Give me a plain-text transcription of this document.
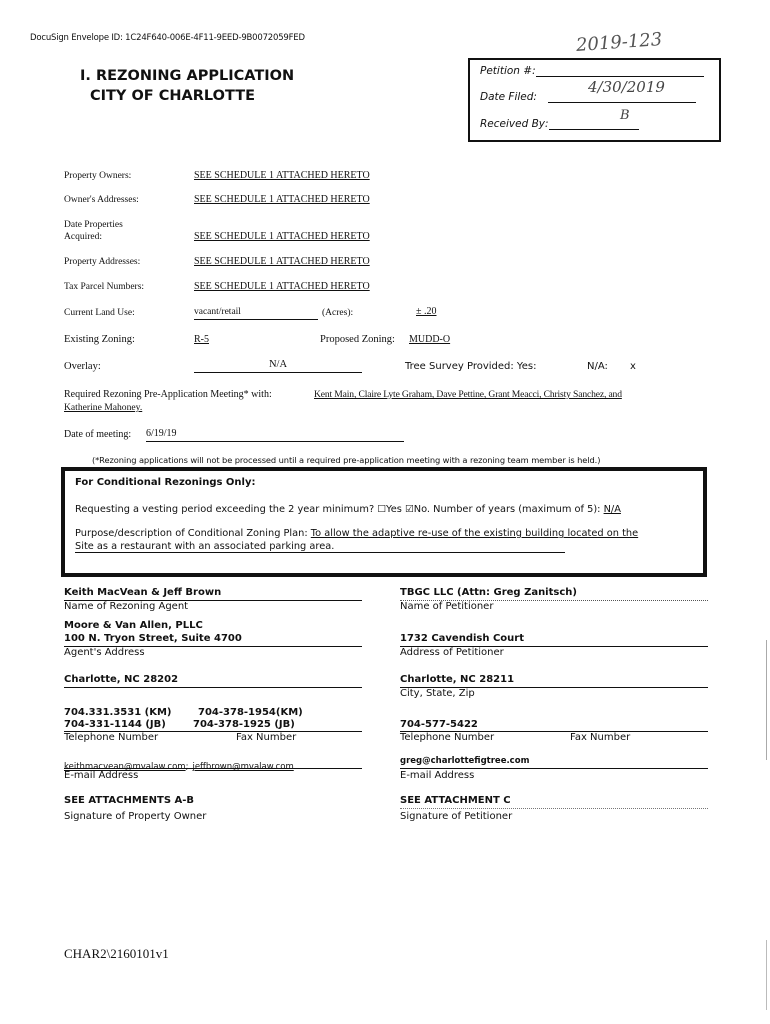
DocuSign Envelope ID: 1C24F640-006E-4F11-9EED-9B0072059FED	2019-123
I. REZONING APPLICATION
CITY OF CHARLOTTE
Petition #:
Date Filed:
4/30/2019
Received By:
B
Property Owners:	SEE SCHEDULE 1 ATTACHED HERETO
Owner's Addresses:	SEE SCHEDULE 1 ATTACHED HERETO
Date Properties
Acquired:	SEE SCHEDULE 1 ATTACHED HERETO
Property Addresses:	SEE SCHEDULE 1 ATTACHED HERETO
Tax Parcel Numbers:	SEE SCHEDULE 1 ATTACHED HERETO
Current Land Use:	vacant/retail	(Acres):	± .20
Existing Zoning:	R-5	Proposed Zoning: MUDD-O
Overlay:	N/A	Tree Survey Provided: Yes:	N/A: x
Required Rezoning Pre-Application Meeting* with:	Kent Main, Claire Lyte Graham, Dave Pettine, Grant Meacci, Christy Sanchez, and
Katherine Mahoney.
Date of meeting: 6/19/19
(*Rezoning applications will not be processed until a required pre-application meeting with a rezoning team member is held.)
For Conditional Rezonings Only:
Requesting a vesting period exceeding the 2 year minimum? ☐Yes ☑No. Number of years (maximum of 5): N/A
Purpose/description of Conditional Zoning Plan: To allow the adaptive re-use of the existing building located on the
Site as a restaurant with an associated parking area.
Keith MacVean & Jeff Brown
Name of Rezoning Agent
Moore & Van Allen, PLLC
100 N. Tryon Street, Suite 4700
Agent's Address
Charlotte, NC 28202
704.331.3531 (KM)	704-378-1954(KM)
704-331-1144 (JB)	704-378-1925 (JB)
Telephone Number	Fax Number
keithmacvean@mvalaw.com; jeffbrown@mvalaw.com
E-mail Address
SEE ATTACHMENTS A-B
Signature of Property Owner
TBGC LLC (Attn: Greg Zanitsch)
Name of Petitioner
1732 Cavendish Court
Address of Petitioner
Charlotte, NC 28211
City, State, Zip
704-577-5422
Telephone Number	Fax Number
greg@charlottefigtree.com
E-mail Address
SEE ATTACHMENT C
Signature of Petitioner
CHAR2\2160101v1
